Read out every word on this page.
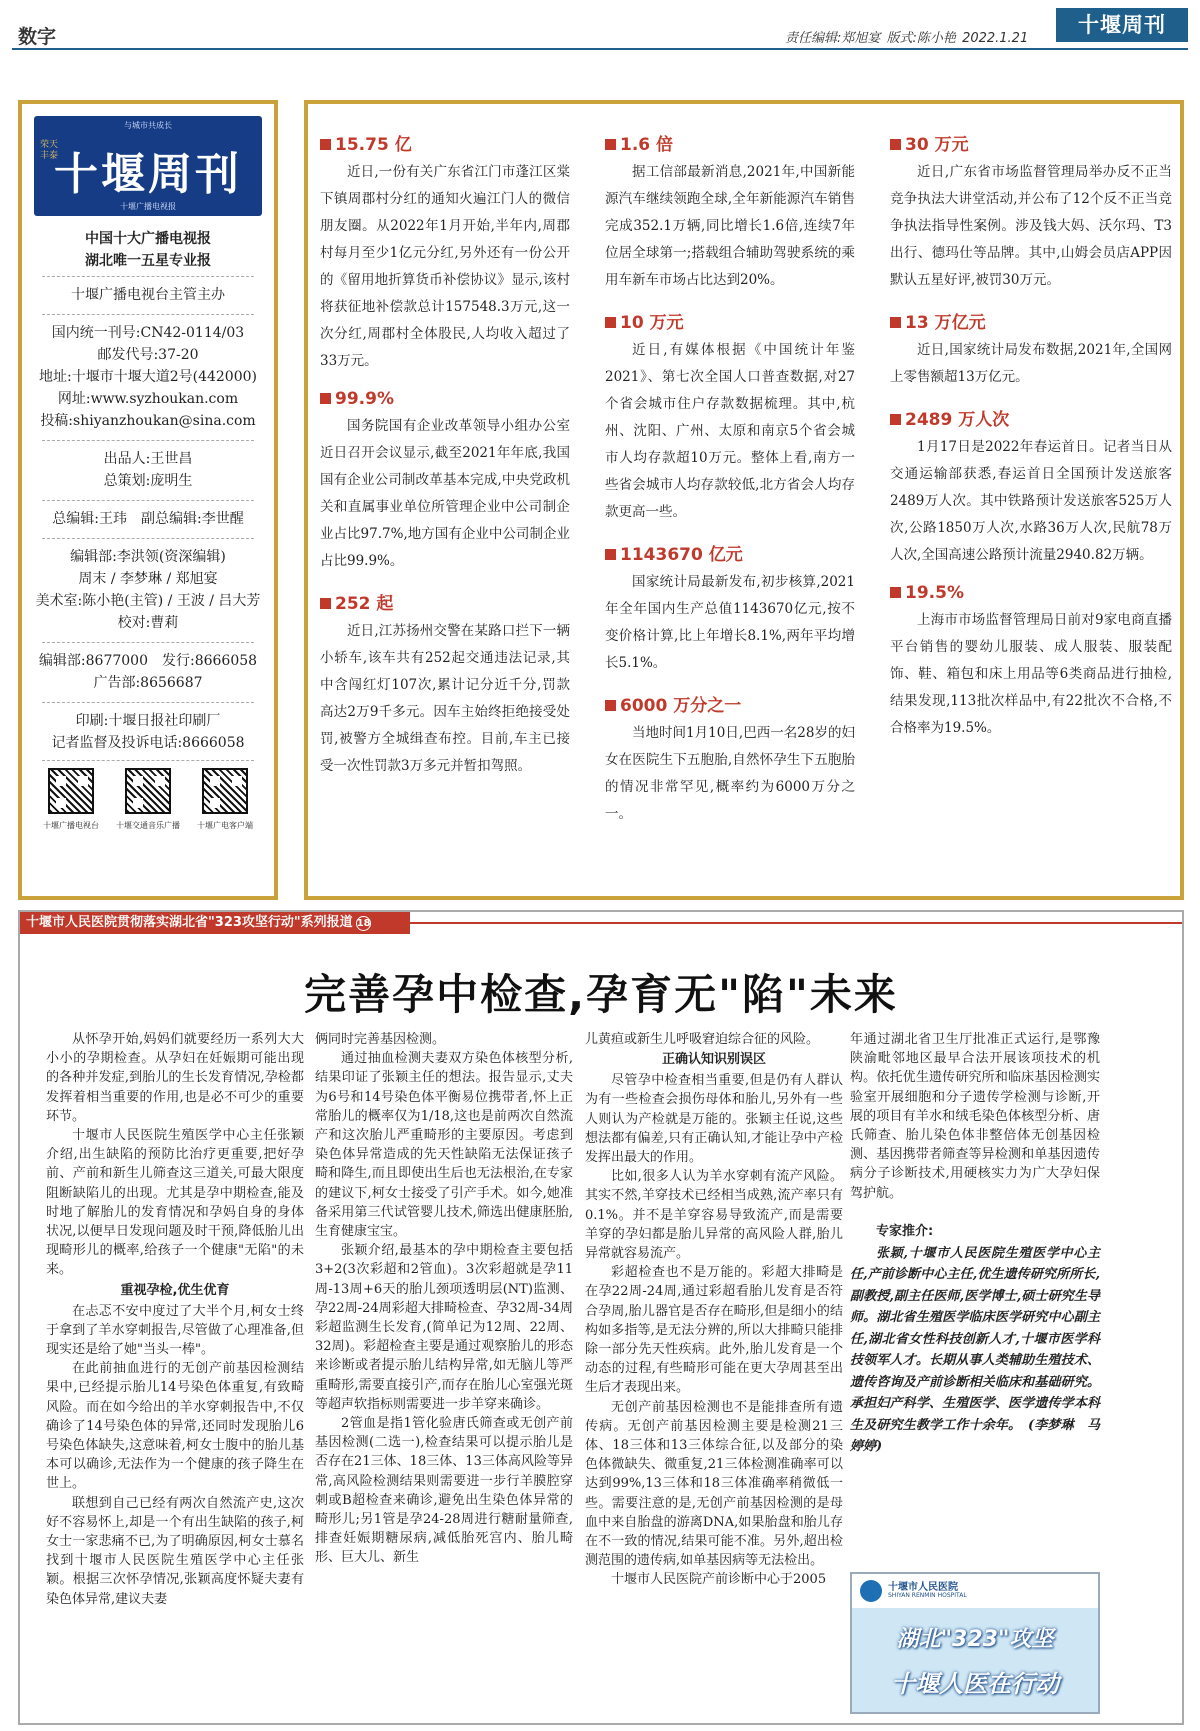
数字	责任编辑:郑旭宴 版式:陈小艳 2022.1.21
十堰周刊
与城市共成长
荣天丰泰
十堰周刊
十堰广播电视报
中国十大广播电视报
湖北唯一五星专业报
十堰广播电视台主管主办
国内统一刊号:CN42-0114/03
邮发代号:37-20
地址:十堰市十堰大道2号(442000)
网址:www.syzhoukan.com
投稿:shiyanzhoukan@sina.com
出品人:王世昌
总策划:庞明生
总编辑:王玮　副总编辑:李世醒
编辑部:李洪领(资深编辑)
周末 / 李梦琳 / 郑旭宴
美术室:陈小艳(主管) / 王波 / 吕大芳
校对:曹莉
编辑部:8677000　发行:8666058
广告部:8656687
印刷:十堰日报社印刷厂
记者监督及投诉电话:8666058
十堰广播电视台	十堰交通音乐广播	十堰广电客户端
15.75 亿
近日,一份有关广东省江门市蓬江区棠下镇周郡村分红的通知火遍江门人的微信朋友圈。从2022年1月开始,半年内,周郡村每月至少1亿元分红,另外还有一份公开的《留用地折算货币补偿协议》显示,该村将获征地补偿款总计157548.3万元,这一次分红,周郡村全体股民,人均收入超过了33万元。
99.9%
国务院国有企业改革领导小组办公室近日召开会议显示,截至2021年年底,我国国有企业公司制改革基本完成,中央党政机关和直属事业单位所管理企业中公司制企业占比97.7%,地方国有企业中公司制企业占比99.9%。
252 起
近日,江苏扬州交警在某路口拦下一辆小轿车,该车共有252起交通违法记录,其中含闯红灯107次,累计记分近千分,罚款高达2万9千多元。因车主始终拒绝接受处罚,被警方全城缉查布控。目前,车主已接受一次性罚款3万多元并暂扣驾照。
1.6 倍
据工信部最新消息,2021年,中国新能源汽车继续领跑全球,全年新能源汽车销售完成352.1万辆,同比增长1.6倍,连续7年位居全球第一;搭载组合辅助驾驶系统的乘用车新车市场占比达到20%。
10 万元
近日,有媒体根据《中国统计年鉴2021》、第七次全国人口普查数据,对27个省会城市住户存款数据梳理。其中,杭州、沈阳、广州、太原和南京5个省会城市人均存款超10万元。整体上看,南方一些省会城市人均存款较低,北方省会人均存款更高一些。
1143670 亿元
国家统计局最新发布,初步核算,2021年全年国内生产总值1143670亿元,按不变价格计算,比上年增长8.1%,两年平均增长5.1%。
6000 万分之一
当地时间1月10日,巴西一名28岁的妇女在医院生下五胞胎,自然怀孕生下五胞胎的情况非常罕见,概率约为6000万分之一。
30 万元
近日,广东省市场监督管理局举办反不正当竞争执法大讲堂活动,并公布了12个反不正当竞争执法指导性案例。涉及钱大妈、沃尔玛、T3出行、德玛仕等品牌。其中,山姆会员店APP因默认五星好评,被罚30万元。
13 万亿元
近日,国家统计局发布数据,2021年,全国网上零售额超13万亿元。
2489 万人次
1月17日是2022年春运首日。记者当日从交通运输部获悉,春运首日全国预计发送旅客2489万人次。其中铁路预计发送旅客525万人次,公路1850万人次,水路36万人次,民航78万人次,全国高速公路预计流量2940.82万辆。
19.5%
上海市市场监督管理局日前对9家电商直播平台销售的婴幼儿服装、成人服装、服装配饰、鞋、箱包和床上用品等6类商品进行抽检,结果发现,113批次样品中,有22批次不合格,不合格率为19.5%。
十堰市人民医院贯彻落实湖北省"323攻坚行动"系列报道 18
完善孕中检查,孕育无"陷"未来
从怀孕开始,妈妈们就要经历一系列大大小小的孕期检查。从孕妇在妊娠期可能出现的各种并发症,到胎儿的生长发育情况,孕检都发挥着相当重要的作用,也是必不可少的重要环节。
十堰市人民医院生殖医学中心主任张颖介绍,出生缺陷的预防比治疗更重要,把好孕前、产前和新生儿筛查这三道关,可最大限度阻断缺陷儿的出现。尤其是孕中期检查,能及时地了解胎儿的发育情况和孕妈自身的身体状况,以便早日发现问题及时干预,降低胎儿出现畸形儿的概率,给孩子一个健康"无陷"的未来。
重视孕检,优生优育
在忐忑不安中度过了大半个月,柯女士终于拿到了羊水穿刺报告,尽管做了心理准备,但现实还是给了她"当头一棒"。
在此前抽血进行的无创产前基因检测结果中,已经提示胎儿14号染色体重复,有致畸风险。而在如今给出的羊水穿刺报告中,不仅确诊了14号染色体的异常,还同时发现胎儿6号染色体缺失,这意味着,柯女士腹中的胎儿基本可以确诊,无法作为一个健康的孩子降生在世上。
联想到自己已经有两次自然流产史,这次好不容易怀上,却是一个有出生缺陷的孩子,柯女士一家悲痛不已,为了明确原因,柯女士慕名找到十堰市人民医院生殖医学中心主任张颖。根据三次怀孕情况,张颖高度怀疑夫妻有染色体异常,建议夫妻
俩同时完善基因检测。
通过抽血检测夫妻双方染色体核型分析,结果印证了张颖主任的想法。报告显示,丈夫为6号和14号染色体平衡易位携带者,怀上正常胎儿的概率仅为1/18,这也是前两次自然流产和这次胎儿严重畸形的主要原因。考虑到染色体异常造成的先天性缺陷无法保证孩子畸和降生,而且即使出生后也无法根治,在专家的建议下,柯女士接受了引产手术。如今,她准备采用第三代试管婴儿技术,筛选出健康胚胎,生育健康宝宝。
张颖介绍,最基本的孕中期检查主要包括3+2(3次彩超和2管血)。3次彩超就是孕11周-13周+6天的胎儿颈项透明层(NT)监测、孕22周-24周彩超大排畸检查、孕32周-34周彩超监测生长发育,(简单记为12周、22周、32周)。彩超检查主要是通过观察胎儿的形态来诊断或者提示胎儿结构异常,如无脑儿等严重畸形,需要直接引产,而存在胎儿心室强光斑等超声软指标则需要进一步羊穿来确诊。
2管血是指1管化验唐氏筛查或无创产前基因检测(二选一),检查结果可以提示胎儿是否存在21三体、18三体、13三体高风险等异常,高风险检测结果则需要进一步行羊膜腔穿刺或B超检查来确诊,避免出生染色体异常的畸形儿;另1管是孕24-28周进行糖耐量筛查,排查妊娠期糖尿病,减低胎死宫内、胎儿畸形、巨大儿、新生
儿黄疸或新生儿呼吸窘迫综合征的风险。
正确认知识别误区
尽管孕中检查相当重要,但是仍有人群认为有一些检查会损伤母体和胎儿,另外有一些人则认为产检就是万能的。张颖主任说,这些想法都有偏差,只有正确认知,才能让孕中产检发挥出最大的作用。
比如,很多人认为羊水穿刺有流产风险。其实不然,羊穿技术已经相当成熟,流产率只有0.1%。并不是羊穿容易导致流产,而是需要羊穿的孕妇都是胎儿异常的高风险人群,胎儿异常就容易流产。
彩超检查也不是万能的。彩超大排畸是在孕22周-24周,通过彩超看胎儿发育是否符合孕周,胎儿器官是否存在畸形,但是细小的结构如多指等,是无法分辨的,所以大排畸只能排除一部分先天性疾病。此外,胎儿发育是一个动态的过程,有些畸形可能在更大孕周甚至出生后才表现出来。
无创产前基因检测也不是能排查所有遗传病。无创产前基因检测主要是检测21三体、18三体和13三体综合征,以及部分的染色体微缺失、微重复,21三体检测准确率可以达到99%,13三体和18三体准确率稍微低一些。需要注意的是,无创产前基因检测的是母血中来自胎盘的游离DNA,如果胎盘和胎儿存在不一致的情况,结果可能不准。另外,超出检测范围的遗传病,如单基因病等无法检出。
十堰市人民医院产前诊断中心于2005
年通过湖北省卫生厅批准正式运行,是鄂豫陕渝毗邻地区最早合法开展该项技术的机构。依托优生遗传研究所和临床基因检测实验室开展细胞和分子遗传学检测与诊断,开展的项目有羊水和绒毛染色体核型分析、唐氏筛查、胎儿染色体非整倍体无创基因检测、基因携带者筛查等异检测和单基因遗传病分子诊断技术,用硬核实力为广大孕妇保驾护航。
专家推介:
张颖,十堰市人民医院生殖医学中心主任,产前诊断中心主任,优生遗传研究所所长,副教授,副主任医师,医学博士,硕士研究生导师。湖北省生殖医学临床医学研究中心副主任,湖北省女性科技创新人才,十堰市医学科技领军人才。长期从事人类辅助生殖技术、遗传咨询及产前诊断相关临床和基础研究。承担妇产科学、生殖医学、医学遗传学本科生及研究生教学工作十余年。　(李梦琳　马婷婷)
十堰市人民医院
SHIYAN RENMIN HOSPITAL
湖北"323"攻坚
十堰人医在行动
